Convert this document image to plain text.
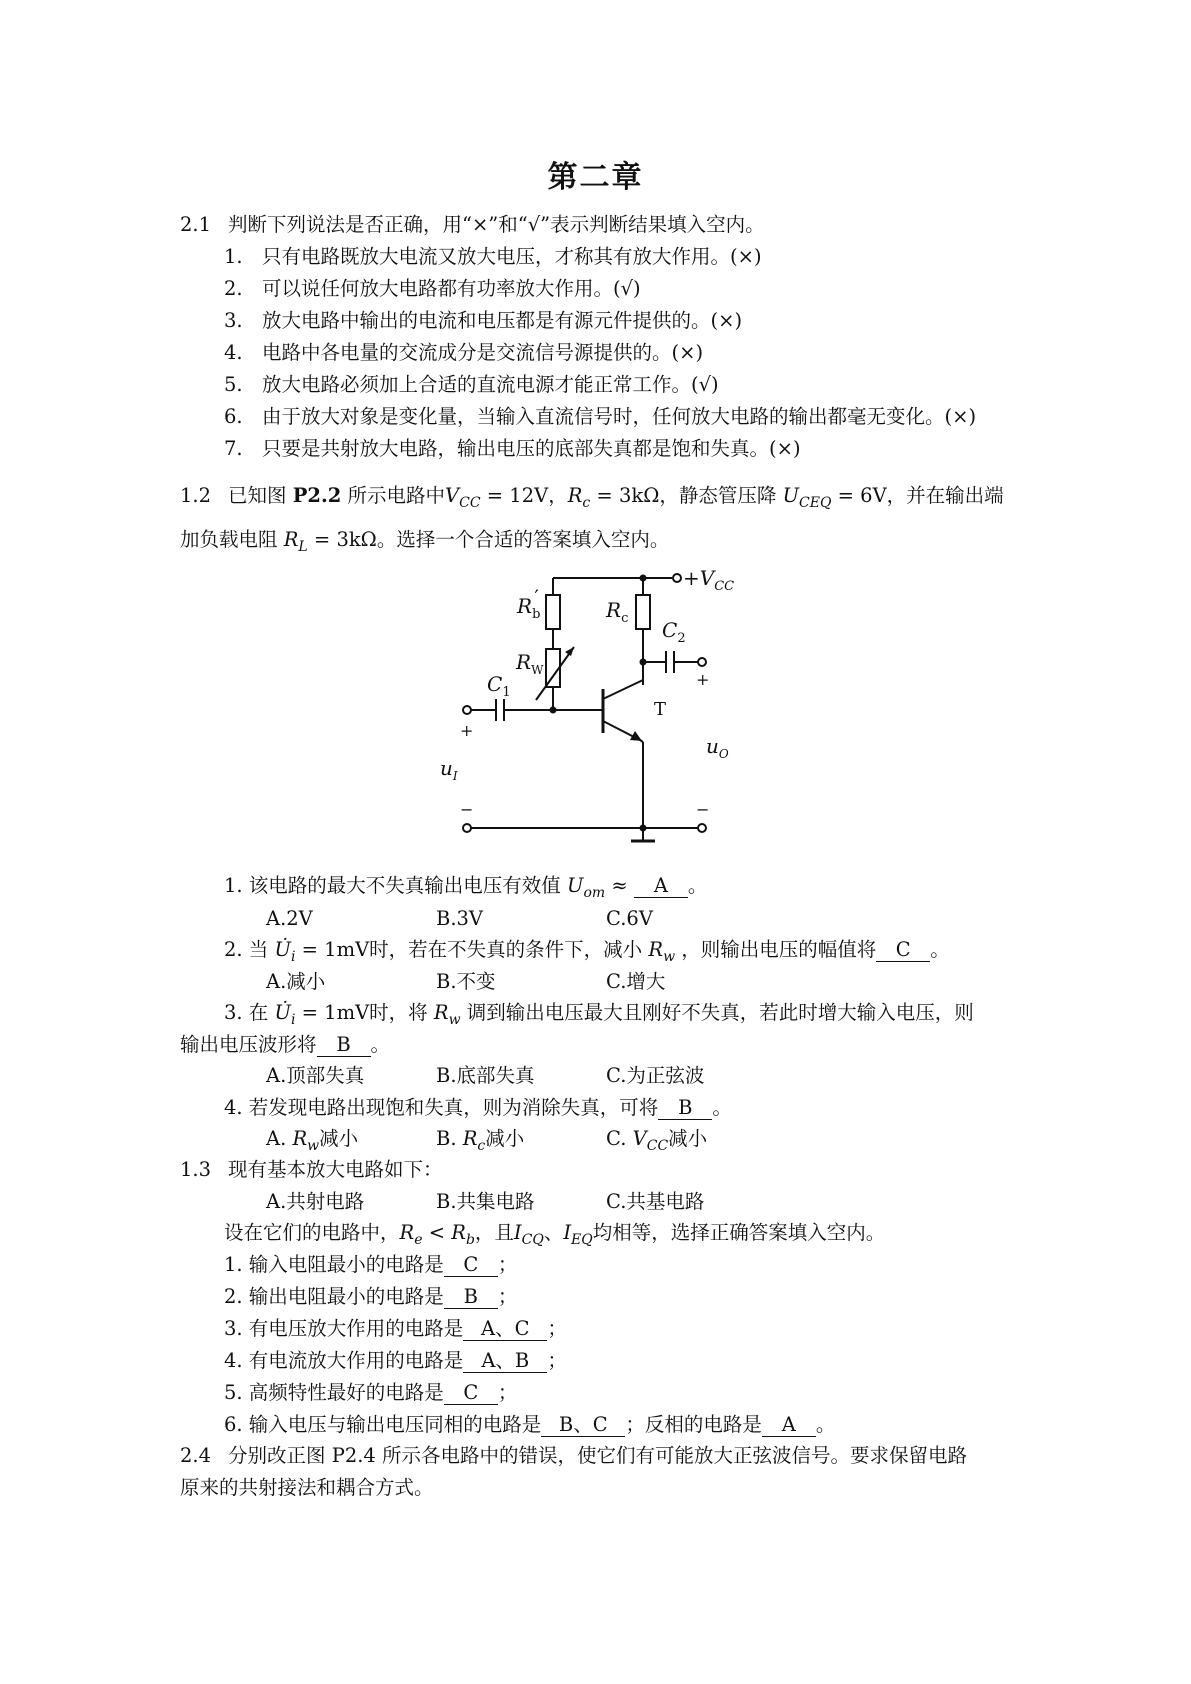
第二章
2.1 判断下列说法是否正确，用“×”和“√”表示判断结果填入空内。
1. 只有电路既放大电流又放大电压，才称其有放大作用。(×)
2. 可以说任何放大电路都有功率放大作用。(√)
3. 放大电路中输出的电流和电压都是有源元件提供的。(×)
4. 电路中各电量的交流成分是交流信号源提供的。(×)
5. 放大电路必须加上合适的直流电源才能正常工作。(√)
6. 由于放大对象是变化量，当输入直流信号时，任何放大电路的输出都毫无变化。(×)
7. 只要是共射放大电路，输出电压的底部失真都是饱和失真。(×)
1.2 已知图 P2.2 所示电路中$V_{CC} = 12V$，$R_c = 3k\Omega$，静态管压降 $U_{CEQ} = 6V$，并在输出端
加负载电阻 $R_L = 3k\Omega$。选择一个合适的答案填入空内。
$+V_{CC}$
$R_b'$
$R_W$
$R_c$ $C_2$
$C_1$
T
$u_I$
$u_O$
+
+
−	−
1. 该电路的最大不失真输出电压有效值 $U_{om} \approx A$ 。
A.2V	B.3V	C.6V
2. 当 $U̇_i = 1mV$时，若在不失真的条件下，减小 $R_w$ ，则输出电压的幅值将 C 。
A.减小	B.不变	C.增大
3. 在 $U̇_i = 1mV$时，将 $R_w$ 调到输出电压最大且刚好不失真，若此时增大输入电压，则
输出电压波形将 B 。
A.顶部失真	B.底部失真	C.为正弦波
4. 若发现电路出现饱和失真，则为消除失真，可将 B 。
A. $R_w$减小	B. $R_c$减小	C. $V_{CC}$减小
1.3 现有基本放大电路如下：
A.共射电路	B.共集电路	C.共基电路
设在它们的电路中，$R_e < R_b$，且$I_{CQ}$、$I_{EQ}$均相等，选择正确答案填入空内。
1. 输入电阻最小的电路是 C ；
2. 输出电阻最小的电路是 B ；
3. 有电压放大作用的电路是 A、C ；
4. 有电流放大作用的电路是 A、B ；
5. 高频特性最好的电路是 C ；
6. 输入电压与输出电压同相的电路是 B、C ；反相的电路是 A 。
2.4 分别改正图 P2.4 所示各电路中的错误，使它们有可能放大正弦波信号。要求保留电路
原来的共射接法和耦合方式。
